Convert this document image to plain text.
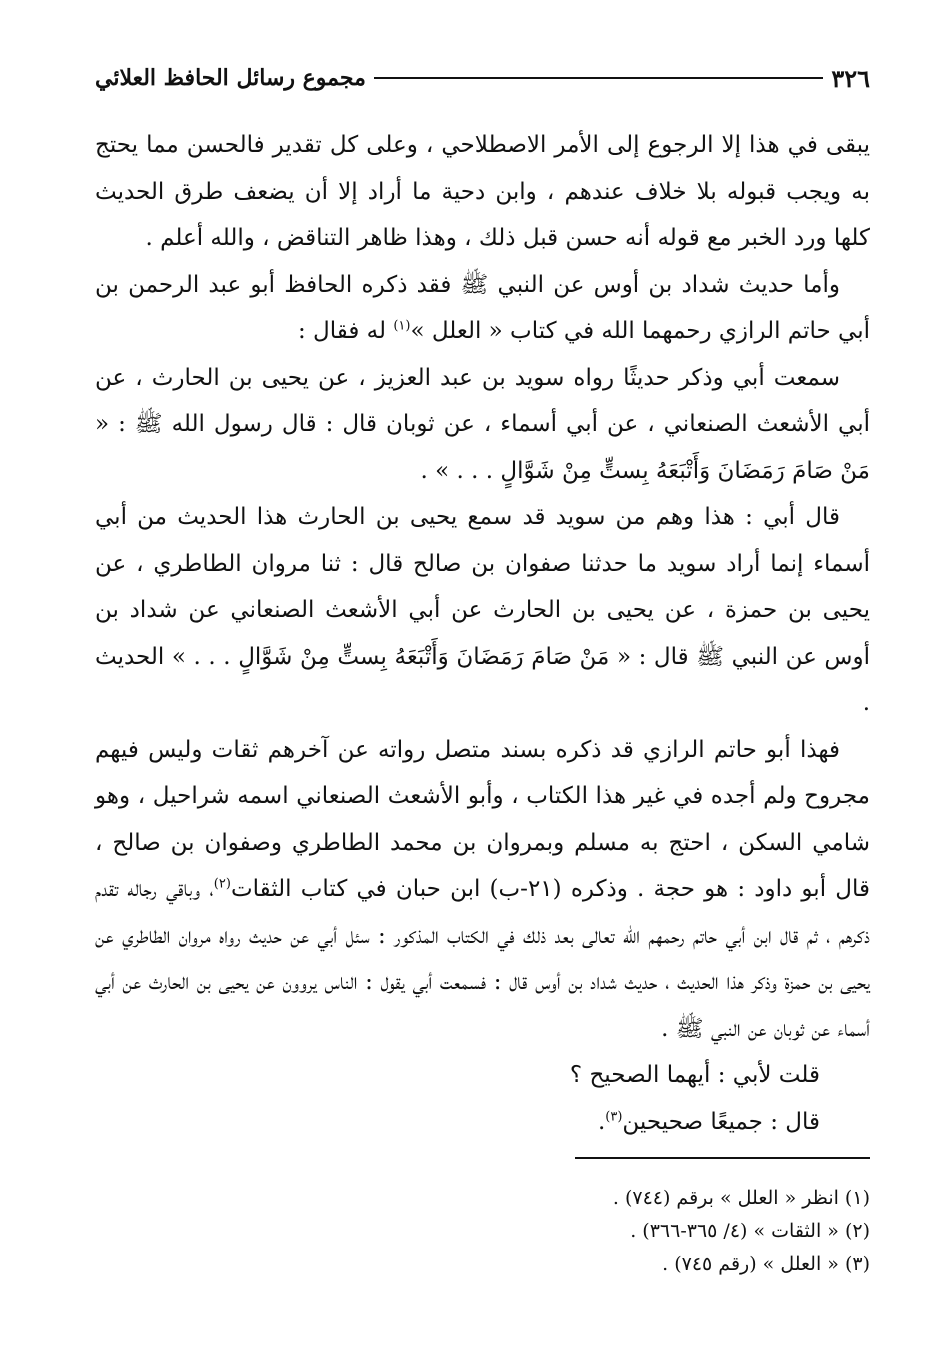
٣٢٦
مجموع رسائل الحافظ العلائي

يبقى في هذا إلا الرجوع إلى الأمر الاصطلاحي ، وعلى كل تقدير فالحسن مما يحتج به ويجب قبوله بلا خلاف عندهم ، وابن دحية ما أراد إلا أن يضعف طرق الحديث كلها ورد الخبر مع قوله أنه حسن قبل ذلك ، وهذا ظاهر التناقض ، والله أعلم .

وأما حديث شداد بن أوس عن النبي ﷺ فقد ذكره الحافظ أبو عبد الرحمن بن أبي حاتم الرازي رحمهما الله في كتاب « العلل »$^{(١)}$ له فقال :

سمعت أبي وذكر حديثًا رواه سويد بن عبد العزيز ، عن يحيى بن الحارث ، عن أبي الأشعث الصنعاني ، عن أبي أسماء ، عن ثوبان قال : قال رسول الله ﷺ : « مَنْ صَامَ رَمَضَانَ وَأَتْبَعَهُ بِستٍّ مِنْ شَوَّالٍ . . . » .

قال أبي : هذا وهم من سويد قد سمع يحيى بن الحارث هذا الحديث من أبي أسماء إنما أراد سويد ما حدثنا صفوان بن صالح قال : ثنا مروان الطاطري ، عن يحيى بن حمزة ، عن يحيى بن الحارث عن أبي الأشعث الصنعاني عن شداد بن أوس عن النبي ﷺ قال : « مَنْ صَامَ رَمَضَانَ وَأَتْبَعَهُ بِستٍّ مِنْ شَوَّالٍ . . . » الحديث .

فهذا أبو حاتم الرازي قد ذكره بسند متصل رواته عن آخرهم ثقات وليس فيهم مجروح ولم أجده في غير هذا الكتاب ، وأبو الأشعث الصنعاني اسمه شراحيل ، وهو شامي السكن ، احتج به مسلم وبمروان بن محمد الطاطري وصفوان بن صالح ، قال أبو داود : هو حجة . وذكره (٢١-ب) ابن حبان في كتاب الثقات$^{(٢)}$، وباقي رجاله تقدم ذكرهم ، ثم قال ابن أبي حاتم رحمهم الله تعالى بعد ذلك في الكتاب المذكور : سئل أبي عن حديث رواه مروان الطاطري عن يحيى بن حمزة وذكر هذا الحديث ، حديث شداد بن أوس قال : فسمعت أبي يقول : الناس يروون عن يحيى بن الحارث عن أبي أسماء عن ثوبان عن النبي ﷺ .

قلت لأبي : أيهما الصحيح ؟

قال : جميعًا صحيحين$^{(٣)}$.

(١) انظر « العلل » برقم (٧٤٤) .

(٢) « الثقات » (٤/ ٣٦٥-٣٦٦) .

(٣) « العلل » (رقم ٧٤٥) .
